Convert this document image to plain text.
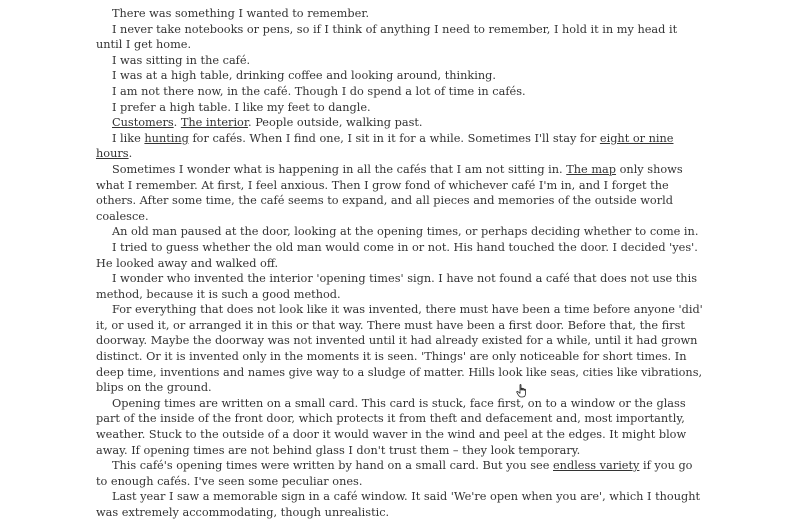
There was something I wanted to remember.

I never take notebooks or pens, so if I think of anything I need to remember, I hold it in my head it until I get home.

I was sitting in the café.

I was at a high table, drinking coffee and looking around, thinking.

I am not there now, in the café. Though I do spend a lot of time in cafés.

I prefer a high table. I like my feet to dangle.

Customers. The interior. People outside, walking past.

I like hunting for cafés. When I find one, I sit in it for a while. Sometimes I'll stay for eight or nine hours.

Sometimes I wonder what is happening in all the cafés that I am not sitting in. The map only shows what I remember. At first, I feel anxious. Then I grow fond of whichever café I'm in, and I forget the others. After some time, the café seems to expand, and all pieces and memories of the outside world coalesce.

An old man paused at the door, looking at the opening times, or perhaps deciding whether to come in.

I tried to guess whether the old man would come in or not. His hand touched the door. I decided 'yes'. He looked away and walked off.

I wonder who invented the interior 'opening times' sign. I have not found a café that does not use this method, because it is such a good method.

For everything that does not look like it was invented, there must have been a time before anyone 'did' it, or used it, or arranged it in this or that way. There must have been a first door. Before that, the first doorway. Maybe the doorway was not invented until it had already existed for a while, until it had grown distinct. Or it is invented only in the moments it is seen. 'Things' are only noticeable for short times. In deep time, inventions and names give way to a sludge of matter. Hills look like seas, cities like vibrations, blips on the ground.

Opening times are written on a small card. This card is stuck, face first, on to a window or the glass part of the inside of the front door, which protects it from theft and defacement and, most importantly, weather. Stuck to the outside of a door it would waver in the wind and peel at the edges. It might blow away. If opening times are not behind glass I don't trust them – they look temporary.

This café's opening times were written by hand on a small card. But you see endless variety if you go to enough cafés. I've seen some peculiar ones.

Last year I saw a memorable sign in a café window. It said 'We're open when you are', which I thought was extremely accommodating, though unrealistic.
